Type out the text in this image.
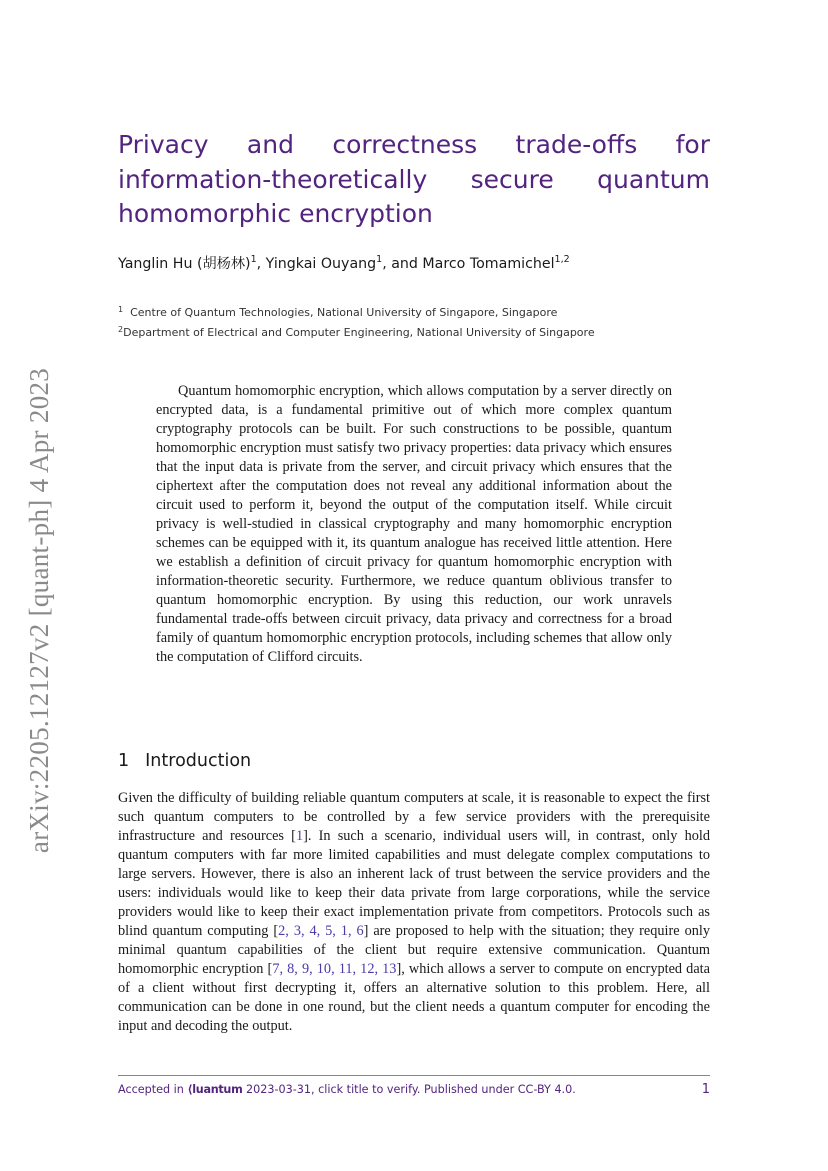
arXiv:2205.12127v2 [quant-ph] 4 Apr 2023
Privacy and correctness trade-offs for information-theoretically secure quantum homomorphic encryption
Yanglin Hu (胡杨林)$^1$, Yingkai Ouyang$^1$, and Marco Tomamichel$^{1,2}$
$^1$ Centre of Quantum Technologies, National University of Singapore, Singapore
$^2$Department of Electrical and Computer Engineering, National University of Singapore

Quantum homomorphic encryption, which allows computation by a server directly on encrypted data, is a fundamental primitive out of which more complex quantum cryptography protocols can be built. For such constructions to be possible, quantum homomorphic encryption must satisfy two privacy properties: data privacy which ensures that the input data is private from the server, and circuit privacy which ensures that the ciphertext after the computation does not reveal any additional information about the circuit used to perform it, beyond the output of the computation itself. While circuit privacy is well-studied in classical cryptography and many homomorphic encryption schemes can be equipped with it, its quantum analogue has received little attention. Here we establish a definition of circuit privacy for quantum homomorphic encryption with information-theoretic security. Furthermore, we reduce quantum oblivious transfer to quantum homomorphic encryption. By using this reduction, our work unravels fundamental trade-offs between circuit privacy, data privacy and correctness for a broad family of quantum homomorphic encryption protocols, including schemes that allow only the computation of Clifford circuits.

1 Introduction

Given the difficulty of building reliable quantum computers at scale, it is reasonable to expect the first such quantum computers to be controlled by a few service providers with the prerequisite infrastructure and resources [1]. In such a scenario, individual users will, in contrast, only hold quantum computers with far more limited capabilities and must delegate complex computations to large servers. However, there is also an inherent lack of trust between the service providers and the users: individuals would like to keep their data private from large corporations, while the service providers would like to keep their exact implementation private from competitors. Protocols such as blind quantum computing [2, 3, 4, 5, 1, 6] are proposed to help with the situation; they require only minimal quantum capabilities of the client but require extensive communication. Quantum homomorphic encryption [7, 8, 9, 10, 11, 12, 13], which allows a server to compute on encrypted data of a client without first decrypting it, offers an alternative solution to this problem. Here, all communication can be done in one round, but the client needs a quantum computer for encoding the input and decoding the output.

Accepted in ⟨luantum 2023-03-31, click title to verify. Published under CC-BY 4.0.	1
